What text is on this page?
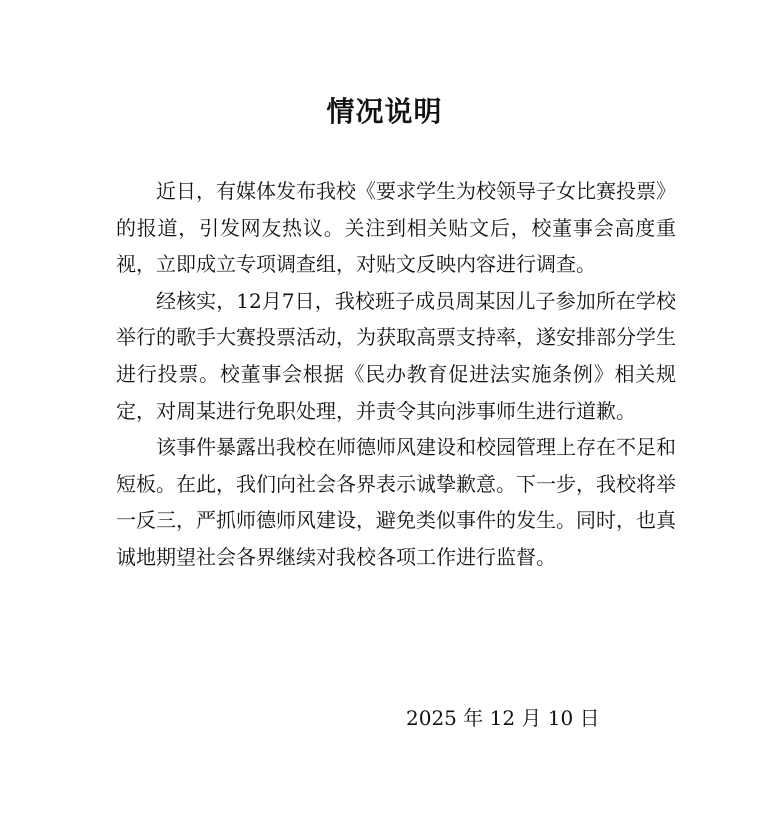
情况说明

近日，有媒体发布我校《要求学生为校领导子女比赛投票》的报道，引发网友热议。关注到相关贴文后，校董事会高度重视，立即成立专项调查组，对贴文反映内容进行调查。

经核实，12月7日，我校班子成员周某因儿子参加所在学校举行的歌手大赛投票活动，为获取高票支持率，遂安排部分学生进行投票。校董事会根据《民办教育促进法实施条例》相关规定，对周某进行免职处理，并责令其向涉事师生进行道歉。

该事件暴露出我校在师德师风建设和校园管理上存在不足和短板。在此，我们向社会各界表示诚挚歉意。下一步，我校将举一反三，严抓师德师风建设，避免类似事件的发生。同时，也真诚地期望社会各界继续对我校各项工作进行监督。

2025 年 12 月 10 日
